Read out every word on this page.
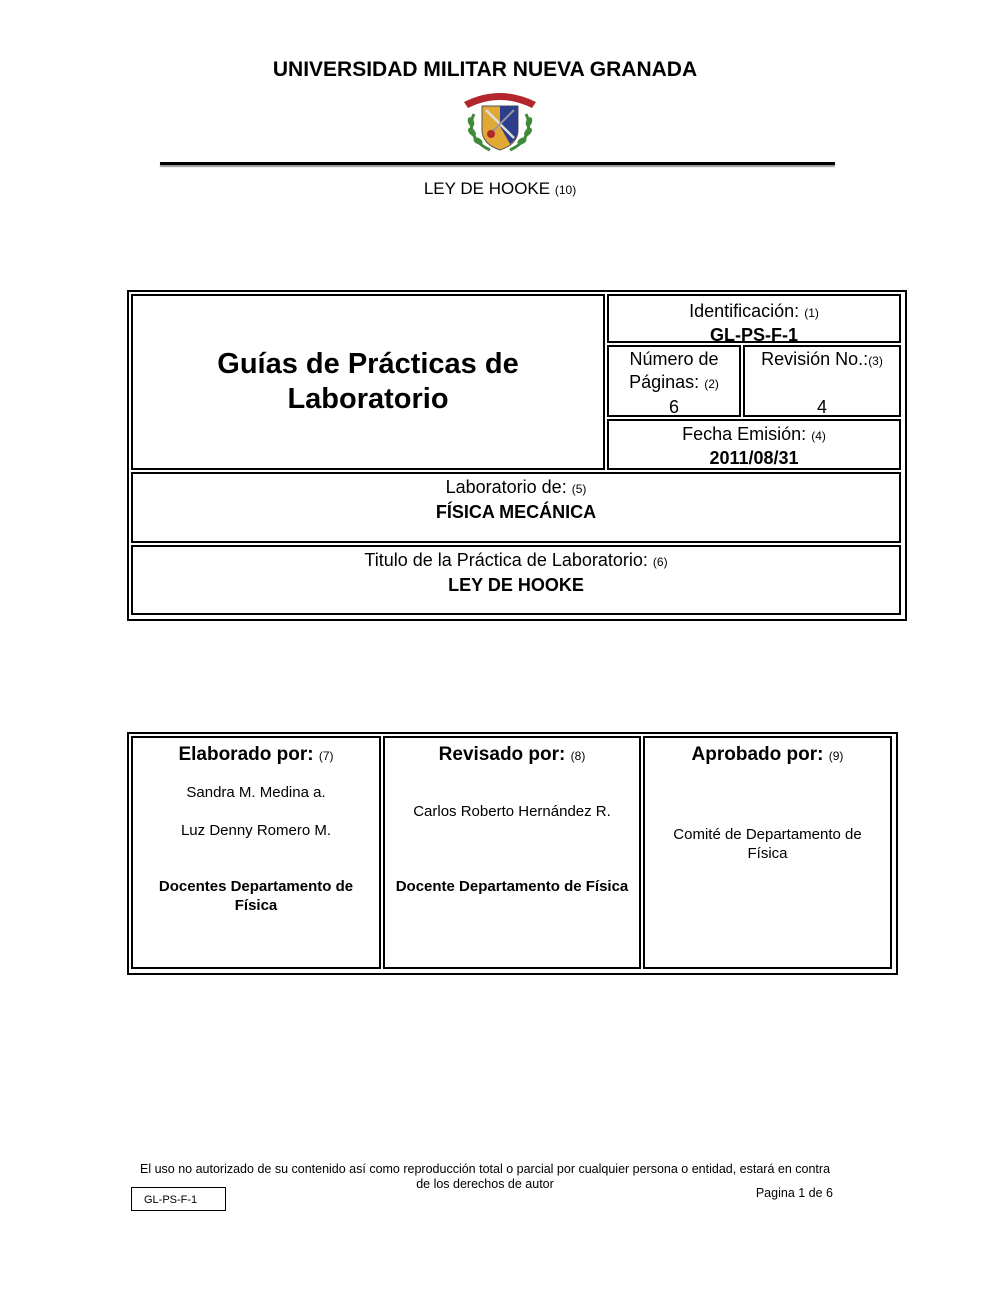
UNIVERSIDAD MILITAR NUEVA GRANADA
LEY DE HOOKE (10)
Guías de Prácticas de
Laboratorio
Identificación: (1)
GL-PS-F-1
Número de
Páginas: (2)
6
Revisión No.:(3)
4
Fecha Emisión: (4)
2011/08/31
Laboratorio de: (5)
FÍSICA MECÁNICA
Titulo de la Práctica de Laboratorio: (6)
LEY DE HOOKE
Elaborado por: (7)
Sandra M. Medina a.
Luz Denny Romero M.
Docentes Departamento de Física
Revisado por: (8)
Carlos Roberto Hernández R.
Docente Departamento de Física
Aprobado por: (9)
Comité de Departamento de Física
El uso no autorizado de su contenido así como reproducción total o parcial por cualquier persona o entidad, estará en contra de los derechos de autor
GL-PS-F-1	Pagina 1 de 6
